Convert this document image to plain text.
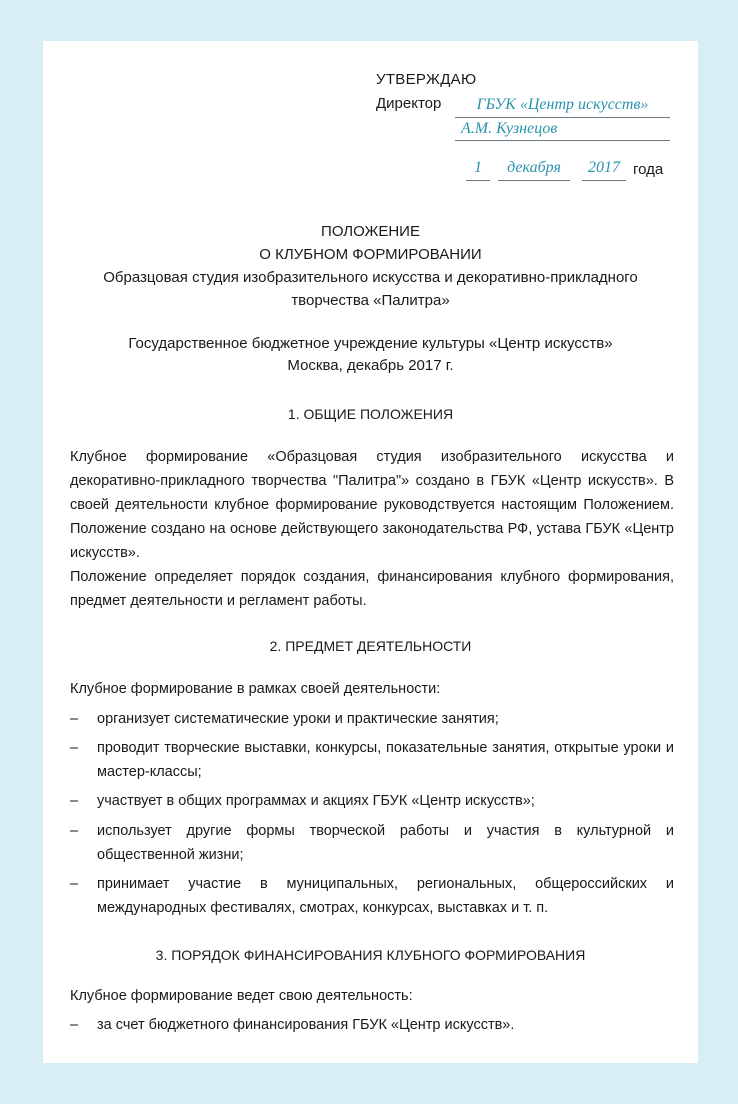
УТВЕРЖДАЮ
Директор	ГБУК «Центр искусств»
А.М. Кузнецов
1	декабря	2017 года
ПОЛОЖЕНИЕ
О КЛУБНОМ ФОРМИРОВАНИИ
Образцовая студия изобразительного искусства и декоративно-прикладного
творчества «Палитра»
Государственное бюджетное учреждение культуры «Центр искусств»
Москва, декабрь 2017 г.
1. ОБЩИЕ ПОЛОЖЕНИЯ
Клубное формирование «Образцовая студия изобразительного искусства и декоративно-прикладного творчества "Палитра"» создано в ГБУК «Центр искусств». В своей деятельности клубное формирование руководствуется настоящим Положением. Положение создано на основе действующего законодательства РФ, устава ГБУК «Центр искусств».
Положение определяет порядок создания, финансирования клубного формирования, предмет деятельности и регламент работы.
2. ПРЕДМЕТ ДЕЯТЕЛЬНОСТИ
Клубное формирование в рамках своей деятельности:
– организует систематические уроки и практические занятия;
– проводит творческие выставки, конкурсы, показательные занятия, открытые уроки и мастер-классы;
– участвует в общих программах и акциях ГБУК «Центр искусств»;
– использует другие формы творческой работы и участия в культурной и общественной жизни;
– принимает участие в муниципальных, региональных, общероссийских и международных фестивалях, смотрах, конкурсах, выставках и т. п.
3. ПОРЯДОК ФИНАНСИРОВАНИЯ КЛУБНОГО ФОРМИРОВАНИЯ
Клубное формирование ведет свою деятельность:
– за счет бюджетного финансирования ГБУК «Центр искусств».
